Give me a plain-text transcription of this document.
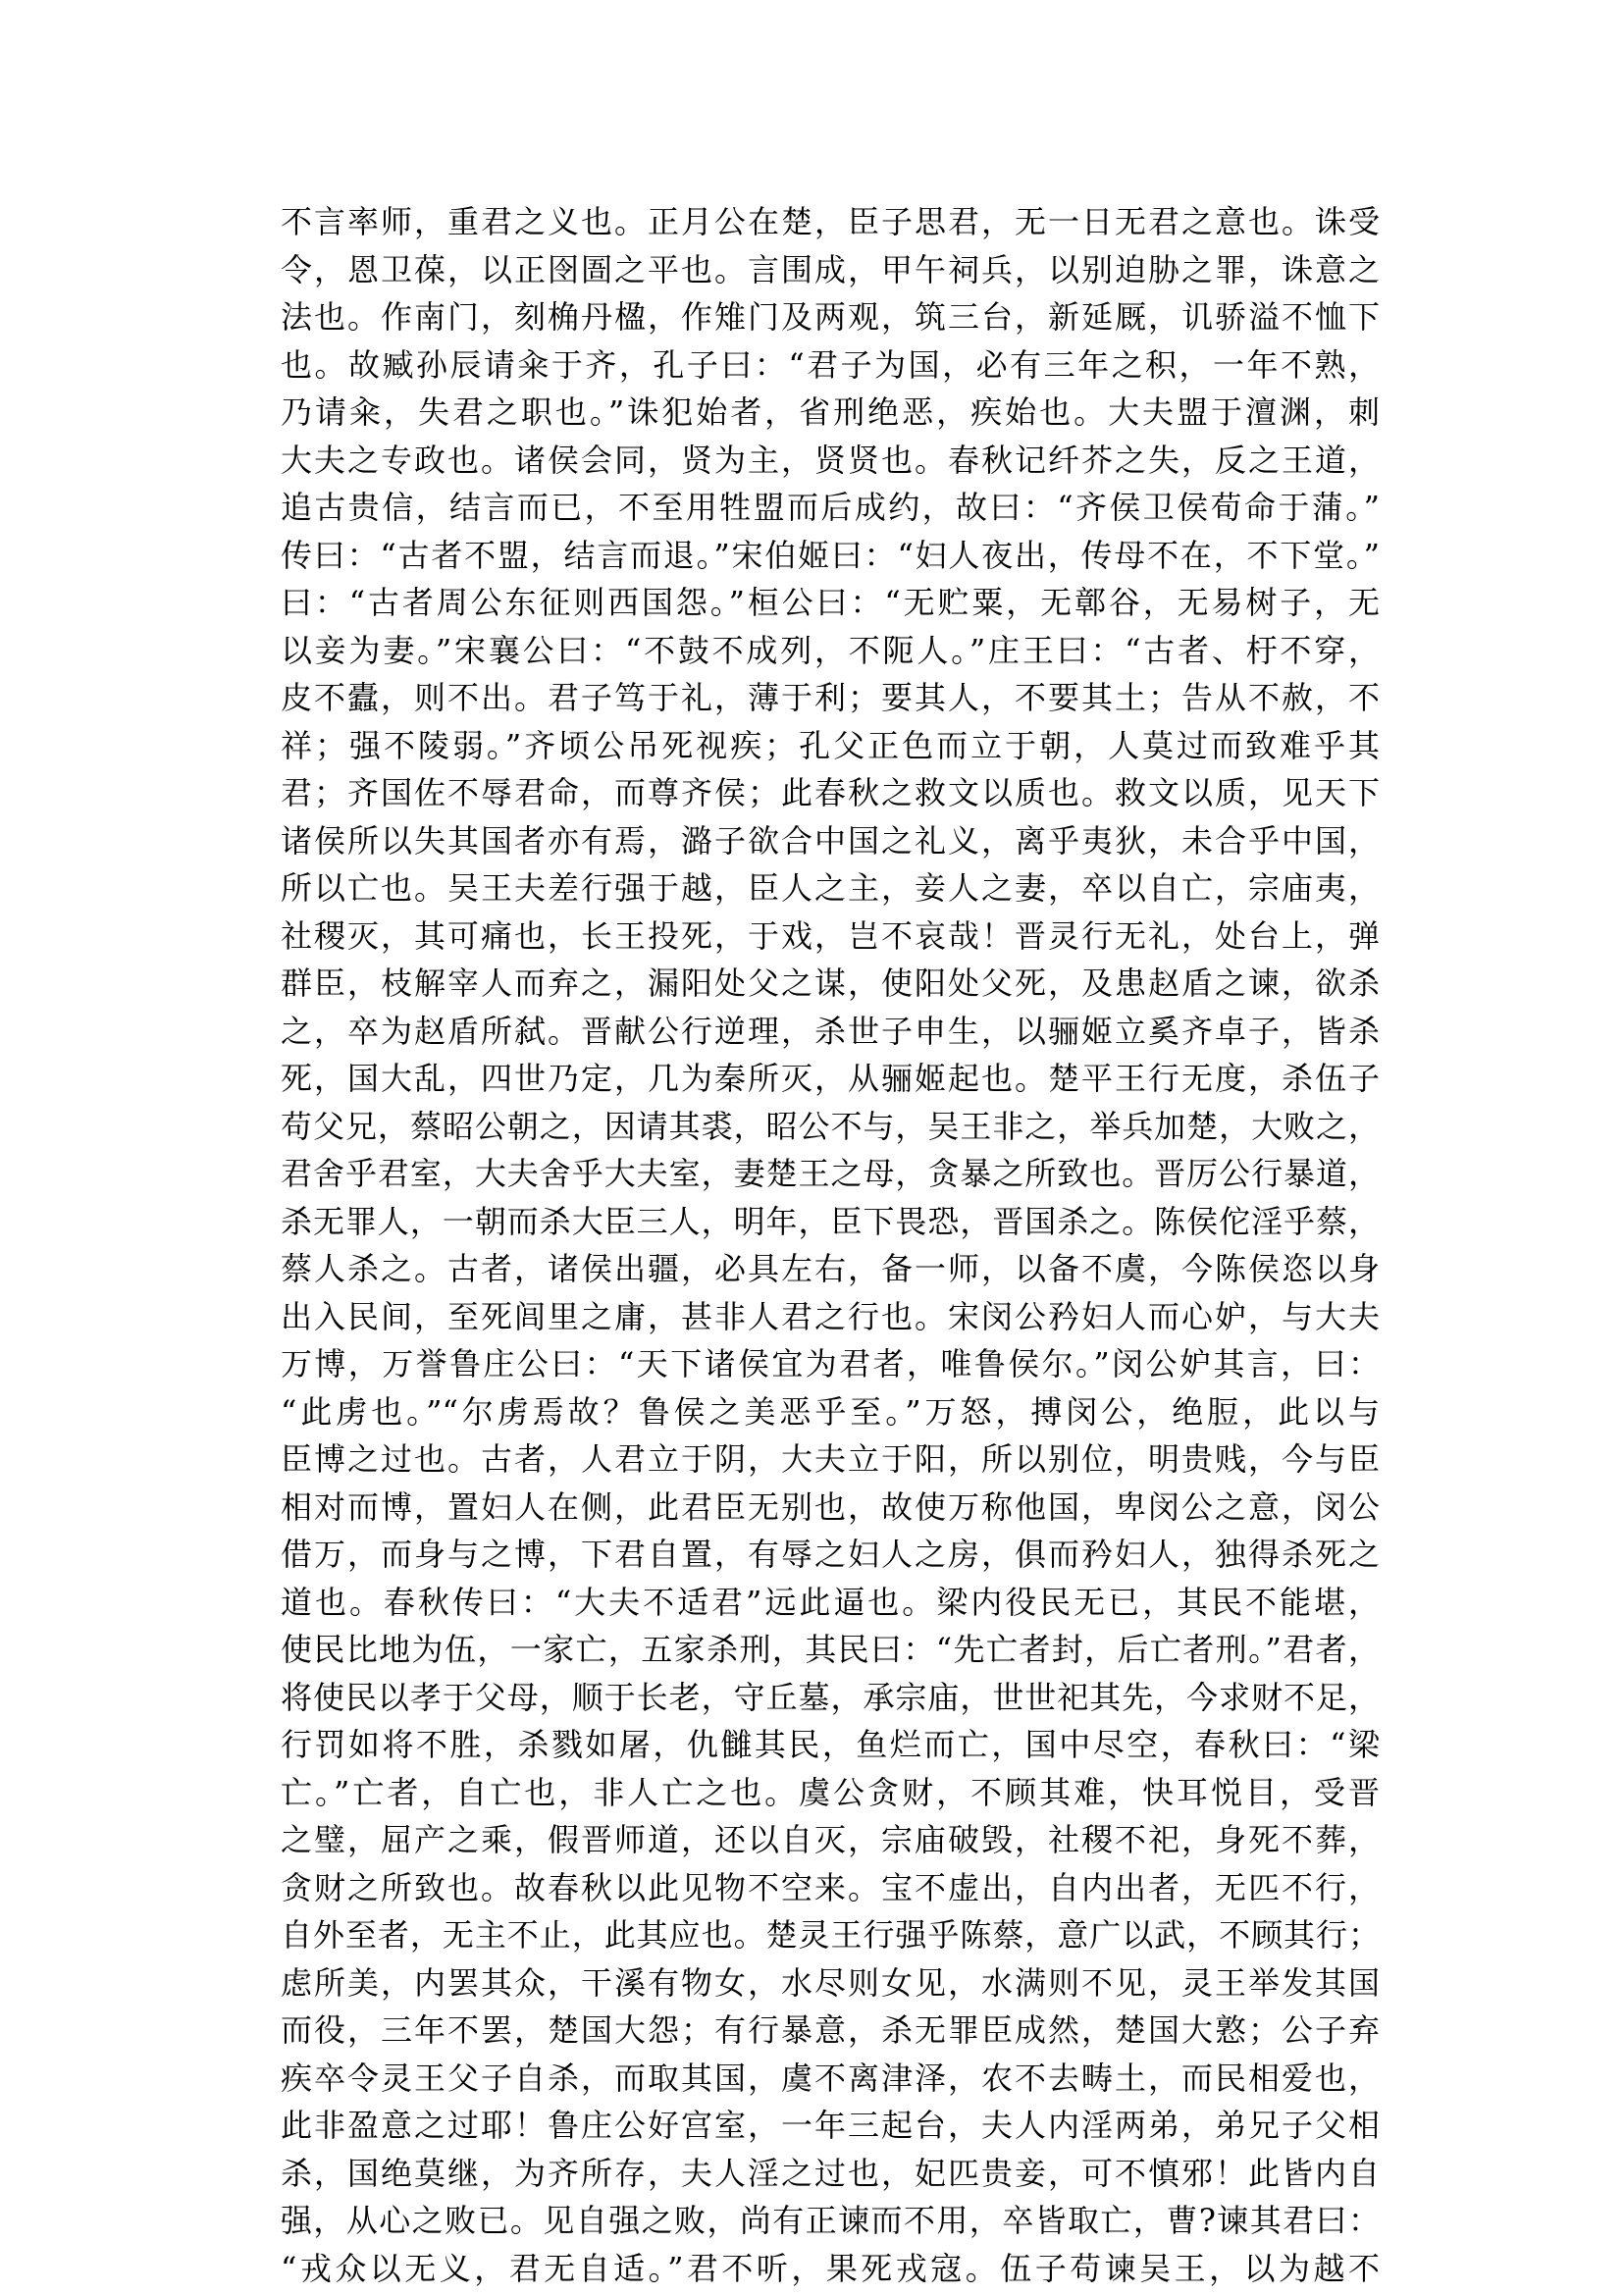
不言率师，重君之义也。正月公在楚，臣子思君，无一日无君之意也。诛受
令，恩卫葆，以正囹圄之平也。言围成，甲午祠兵，以别迫胁之罪，诛意之
法也。作南门，刻桷丹楹，作雉门及两观，筑三台，新延厩，讥骄溢不恤下
也。故臧孙辰请籴于齐，孔子曰：“君子为国，必有三年之积，一年不熟，
乃请籴，失君之职也。”诛犯始者，省刑绝恶，疾始也。大夫盟于澶渊，刺
大夫之专政也。诸侯会同，贤为主，贤贤也。春秋记纤芥之失，反之王道，
追古贵信，结言而已，不至用牲盟而后成约，故曰：“齐侯卫侯荀命于蒲。”
传曰：“古者不盟，结言而退。”宋伯姬曰：“妇人夜出，传母不在，不下堂。”
曰：“古者周公东征则西国怨。”桓公曰：“无贮粟，无鄣谷，无易树子，无
以妾为妻。”宋襄公曰：“不鼓不成列，不阨人。”庄王曰：“古者、杅不穿，
皮不蠹，则不出。君子笃于礼，薄于利；要其人，不要其土；告从不赦，不
祥；强不陵弱。”齐顷公吊死视疾；孔父正色而立于朝，人莫过而致难乎其
君；齐国佐不辱君命，而尊齐侯；此春秋之救文以质也。救文以质，见天下
诸侯所以失其国者亦有焉，潞子欲合中国之礼义，离乎夷狄，未合乎中国，
所以亡也。吴王夫差行强于越，臣人之主，妾人之妻，卒以自亡，宗庙夷，
社稷灭，其可痛也，长王投死，于戏，岂不哀哉！晋灵行无礼，处台上，弹
群臣，枝解宰人而弃之，漏阳处父之谋，使阳处父死，及患赵盾之谏，欲杀
之，卒为赵盾所弑。晋献公行逆理，杀世子申生，以骊姬立奚齐卓子，皆杀
死，国大乱，四世乃定，几为秦所灭，从骊姬起也。楚平王行无度，杀伍子
苟父兄，蔡昭公朝之，因请其裘，昭公不与，吴王非之，举兵加楚，大败之，
君舍乎君室，大夫舍乎大夫室，妻楚王之母，贪暴之所致也。晋厉公行暴道，
杀无罪人，一朝而杀大臣三人，明年，臣下畏恐，晋国杀之。陈侯佗淫乎蔡，
蔡人杀之。古者，诸侯出疆，必具左右，备一师，以备不虞，今陈侯恣以身
出入民间，至死闾里之庸，甚非人君之行也。宋闵公矜妇人而心妒，与大夫
万博，万誉鲁庄公曰：“天下诸侯宜为君者，唯鲁侯尔。”闵公妒其言，曰：
“此虏也。”“尔虏焉故？鲁侯之美恶乎至。”万怒，搏闵公，绝脰，此以与
臣博之过也。古者，人君立于阴，大夫立于阳，所以别位，明贵贱，今与臣
相对而博，置妇人在侧，此君臣无别也，故使万称他国，卑闵公之意，闵公
借万，而身与之博，下君自置，有辱之妇人之房，俱而矜妇人，独得杀死之
道也。春秋传曰：“大夫不适君”远此逼也。梁内役民无已，其民不能堪，
使民比地为伍，一家亡，五家杀刑，其民曰：“先亡者封，后亡者刑。”君者，
将使民以孝于父母，顺于长老，守丘墓，承宗庙，世世祀其先，今求财不足，
行罚如将不胜，杀戮如屠，仇雠其民，鱼烂而亡，国中尽空，春秋曰：“梁
亡。”亡者，自亡也，非人亡之也。虞公贪财，不顾其难，快耳悦目，受晋
之璧，屈产之乘，假晋师道，还以自灭，宗庙破毁，社稷不祀，身死不葬，
贪财之所致也。故春秋以此见物不空来。宝不虚出，自内出者，无匹不行，
自外至者，无主不止，此其应也。楚灵王行强乎陈蔡，意广以武，不顾其行；
虑所美，内罢其众，干溪有物女，水尽则女见，水满则不见，灵王举发其国
而役，三年不罢，楚国大怨；有行暴意，杀无罪臣成然，楚国大憝；公子弃
疾卒令灵王父子自杀，而取其国，虞不离津泽，农不去畴土，而民相爱也，
此非盈意之过耶！鲁庄公好宫室，一年三起台，夫人内淫两弟，弟兄子父相
杀，国绝莫继，为齐所存，夫人淫之过也，妃匹贵妾，可不慎邪！此皆内自
强，从心之败已。见自强之败，尚有正谏而不用，卒皆取亡，曹?谏其君曰：
“戎众以无义，君无自适。”君不听，果死戎寇。伍子苟谏吴王，以为越不
